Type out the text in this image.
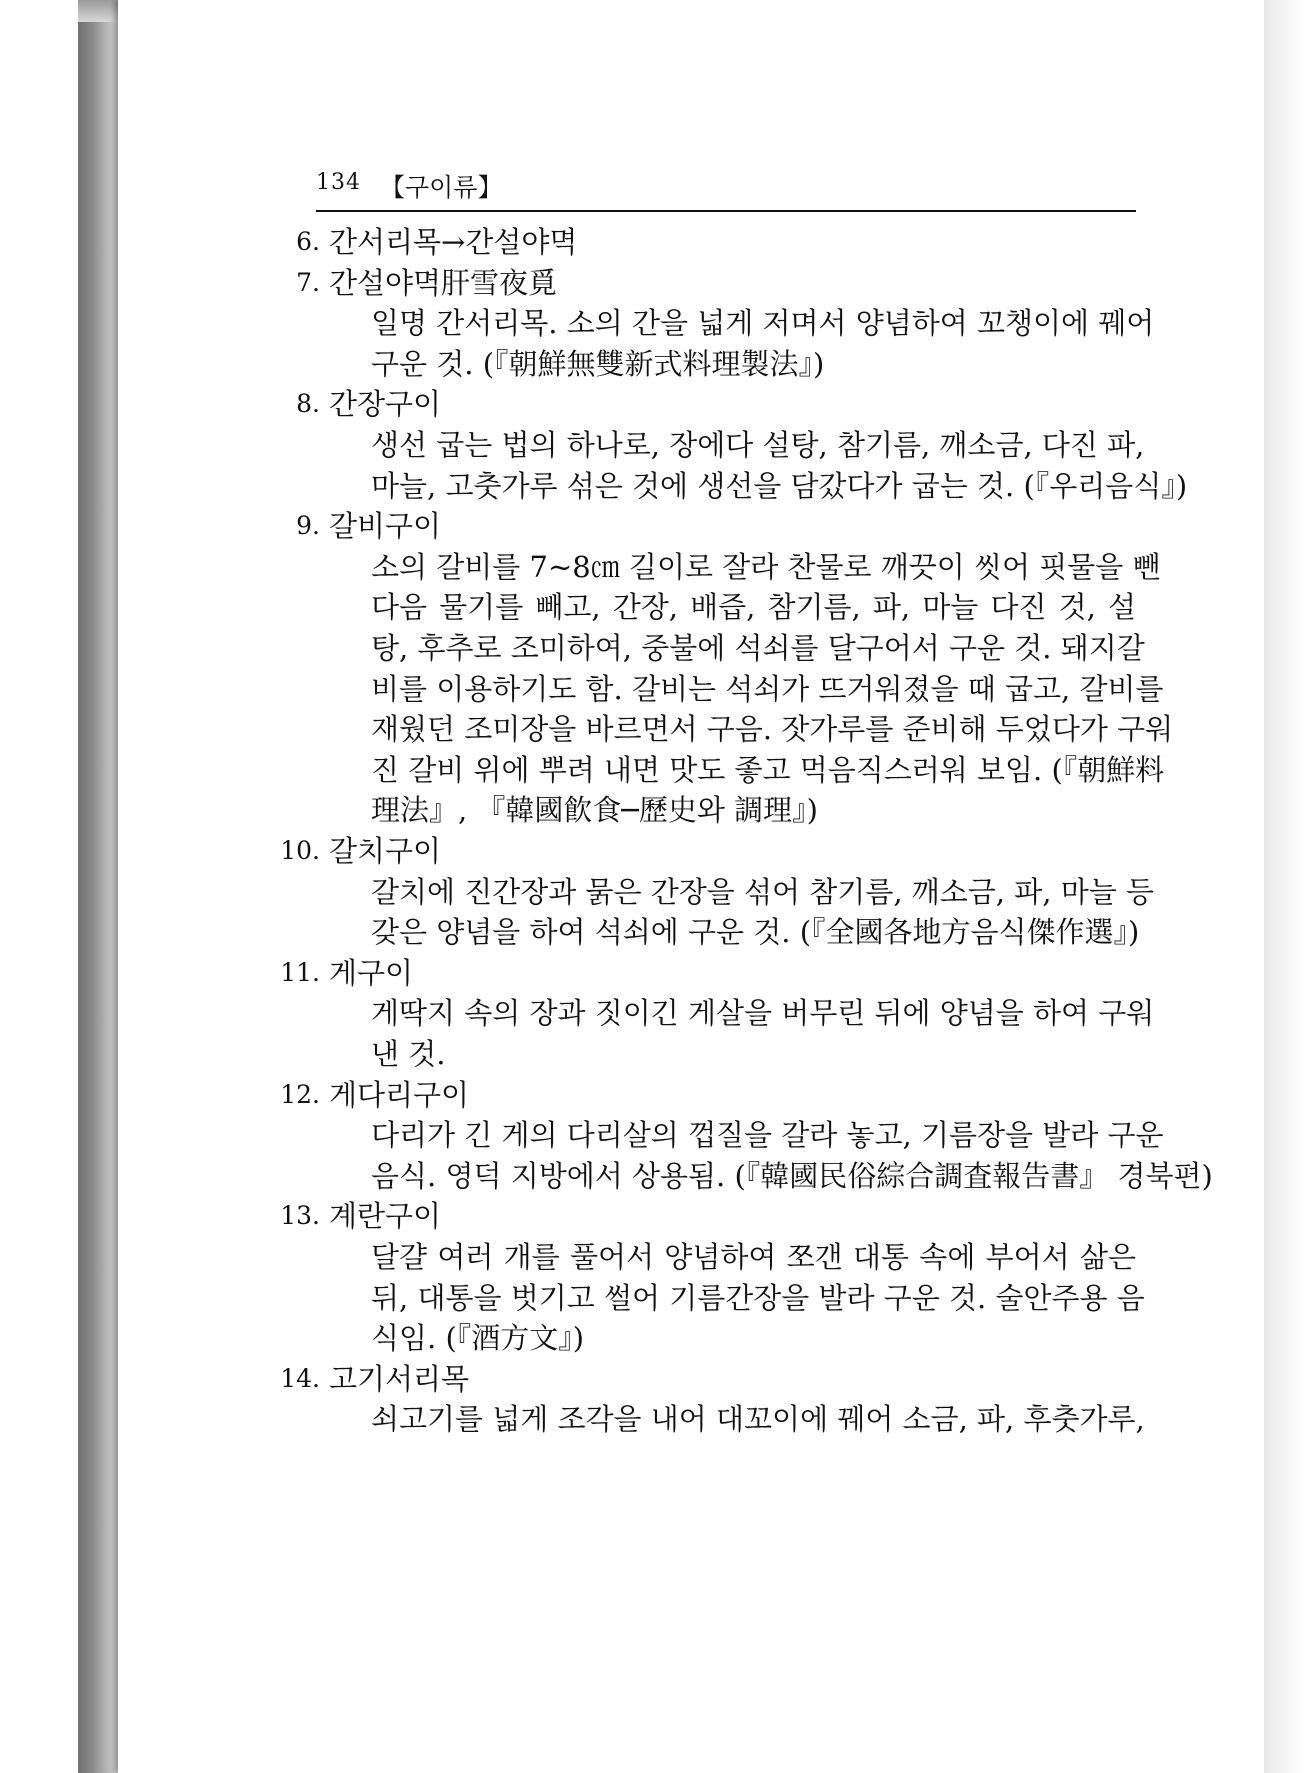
134 【구이류】
6. 간서리목→간설야멱
7. 간설야멱肝雪夜覓
일명 간서리목. 소의 간을 넓게 저며서 양념하여 꼬챙이에 꿰어
구운 것. (『朝鮮無雙新式料理製法』)
8. 간장구이
생선 굽는 법의 하나로, 장에다 설탕, 참기름, 깨소금, 다진 파,
마늘, 고춧가루 섞은 것에 생선을 담갔다가 굽는 것. (『우리음식』)
9. 갈비구이
소의 갈비를 7∼8㎝ 길이로 잘라 찬물로 깨끗이 씻어 핏물을 뺀
다음 물기를 빼고, 간장, 배즙, 참기름, 파, 마늘 다진 것, 설
탕, 후추로 조미하여, 중불에 석쇠를 달구어서 구운 것. 돼지갈
비를 이용하기도 함. 갈비는 석쇠가 뜨거워졌을 때 굽고, 갈비를
재웠던 조미장을 바르면서 구음. 잣가루를 준비해 두었다가 구워
진 갈비 위에 뿌려 내면 맛도 좋고 먹음직스러워 보임. (『朝鮮料
理法』, 『韓國飮食─歷史와 調理』)
10. 갈치구이
갈치에 진간장과 묽은 간장을 섞어 참기름, 깨소금, 파, 마늘 등
갖은 양념을 하여 석쇠에 구운 것. (『全國各地方음식傑作選』)
11. 게구이
게딱지 속의 장과 짓이긴 게살을 버무린 뒤에 양념을 하여 구워
낸 것.
12. 게다리구이
다리가 긴 게의 다리살의 껍질을 갈라 놓고, 기름장을 발라 구운
음식. 영덕 지방에서 상용됨. (『韓國民俗綜合調査報告書』 경북편)
13. 계란구이
달걀 여러 개를 풀어서 양념하여 쪼갠 대통 속에 부어서 삶은
뒤, 대통을 벗기고 썰어 기름간장을 발라 구운 것. 술안주용 음
식임. (『酒方文』)
14. 고기서리목
쇠고기를 넓게 조각을 내어 대꼬이에 꿰어 소금, 파, 후춧가루,
